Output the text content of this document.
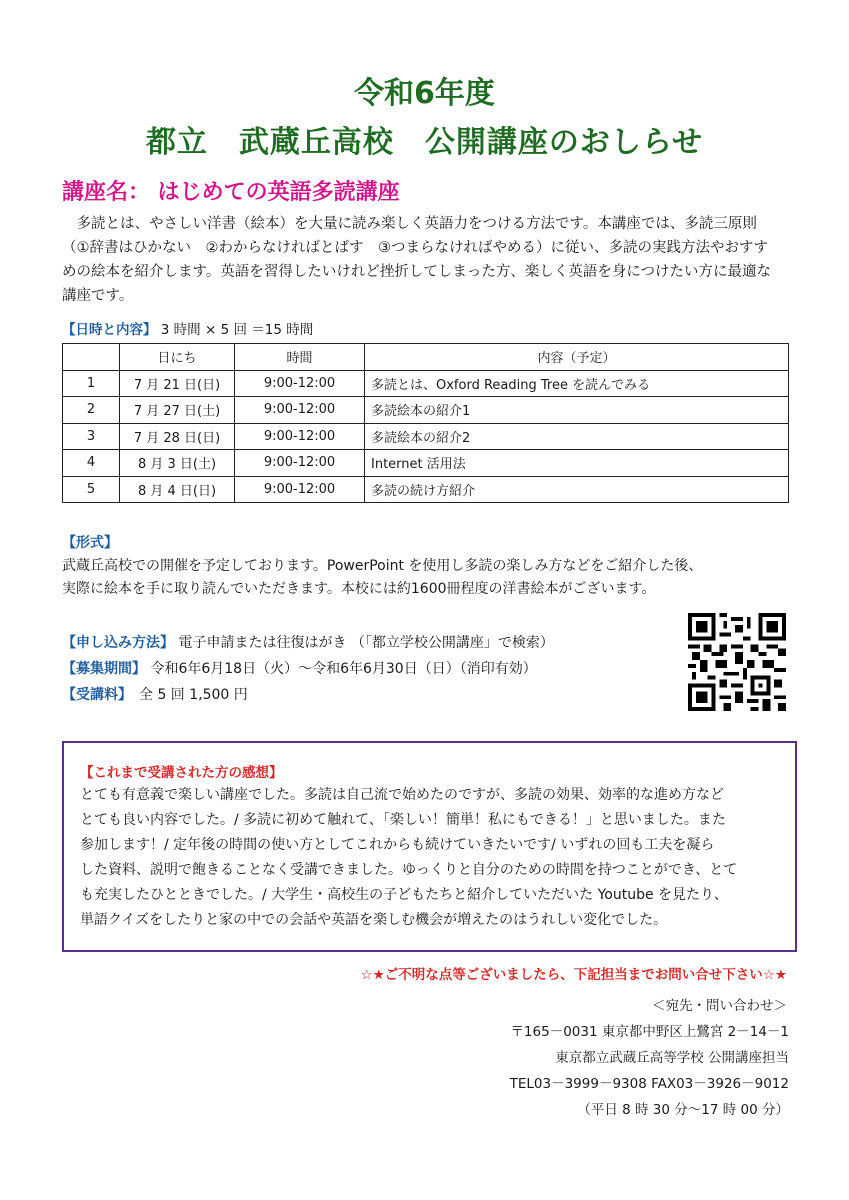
令和6年度
都立　武蔵丘高校　公開講座のおしらせ
講座名： はじめての英語多読講座

　多読とは、やさしい洋書（絵本）を大量に読み楽しく英語力をつける方法です。本講座では、多読三原則

（①辞書はひかない　②わからなければとばす　③つまらなければやめる）に従い、多読の実践方法やおすす

めの絵本を紹介します。英語を習得したいけれど挫折してしまった方、楽しく英語を身につけたい方に最適な

講座です。

【日時と内容】 3 時間 × 5 回 ＝15 時間
	日にち	時間	内容（予定）
1	7 月 21 日(日)	9:00-12:00	多読とは、Oxford Reading Tree を読んでみる
2	7 月 27 日(土)	9:00-12:00	多読絵本の紹介1
3	7 月 28 日(日)	9:00-12:00	多読絵本の紹介2
4	8 月 3 日(土)	9:00-12:00	Internet 活用法
5	8 月 4 日(日)	9:00-12:00	多読の続け方紹介

【形式】

武蔵丘高校での開催を予定しております。PowerPoint を使用し多読の楽しみ方などをご紹介した後、

実際に絵本を手に取り読んでいただきます。本校には約1600冊程度の洋書絵本がございます。

【申し込み方法】 電子申請または往復はがき （「都立学校公開講座」で検索）

【募集期間】 令和6年6月18日（火）～令和6年6月30日（日）（消印有効）

【受講料】　全 5 回 1,500 円

【これまで受講された方の感想】

とても有意義で楽しい講座でした。多読は自己流で始めたのですが、多読の効果、効率的な進め方など

とても良い内容でした。/ 多読に初めて触れて、「楽しい！簡単！私にもできる！」と思いました。また

参加します！/ 定年後の時間の使い方としてこれからも続けていきたいです/ いずれの回も工夫を凝ら

した資料、説明で飽きることなく受講できました。ゆっくりと自分のための時間を持つことができ、とて

も充実したひとときでした。/ 大学生・高校生の子どもたちと紹介していただいた Youtube を見たり、

単語クイズをしたりと家の中での会話や英語を楽しむ機会が増えたのはうれしい変化でした。

☆★ご不明な点等ございましたら、下記担当までお問い合せ下さい☆★
＜宛先・問い合わせ＞
〒165－0031 東京都中野区上鷺宮 2－14－1
東京都立武蔵丘高等学校 公開講座担当
TEL03－3999－9308 FAX03－3926－9012
（平日 8 時 30 分～17 時 00 分）
